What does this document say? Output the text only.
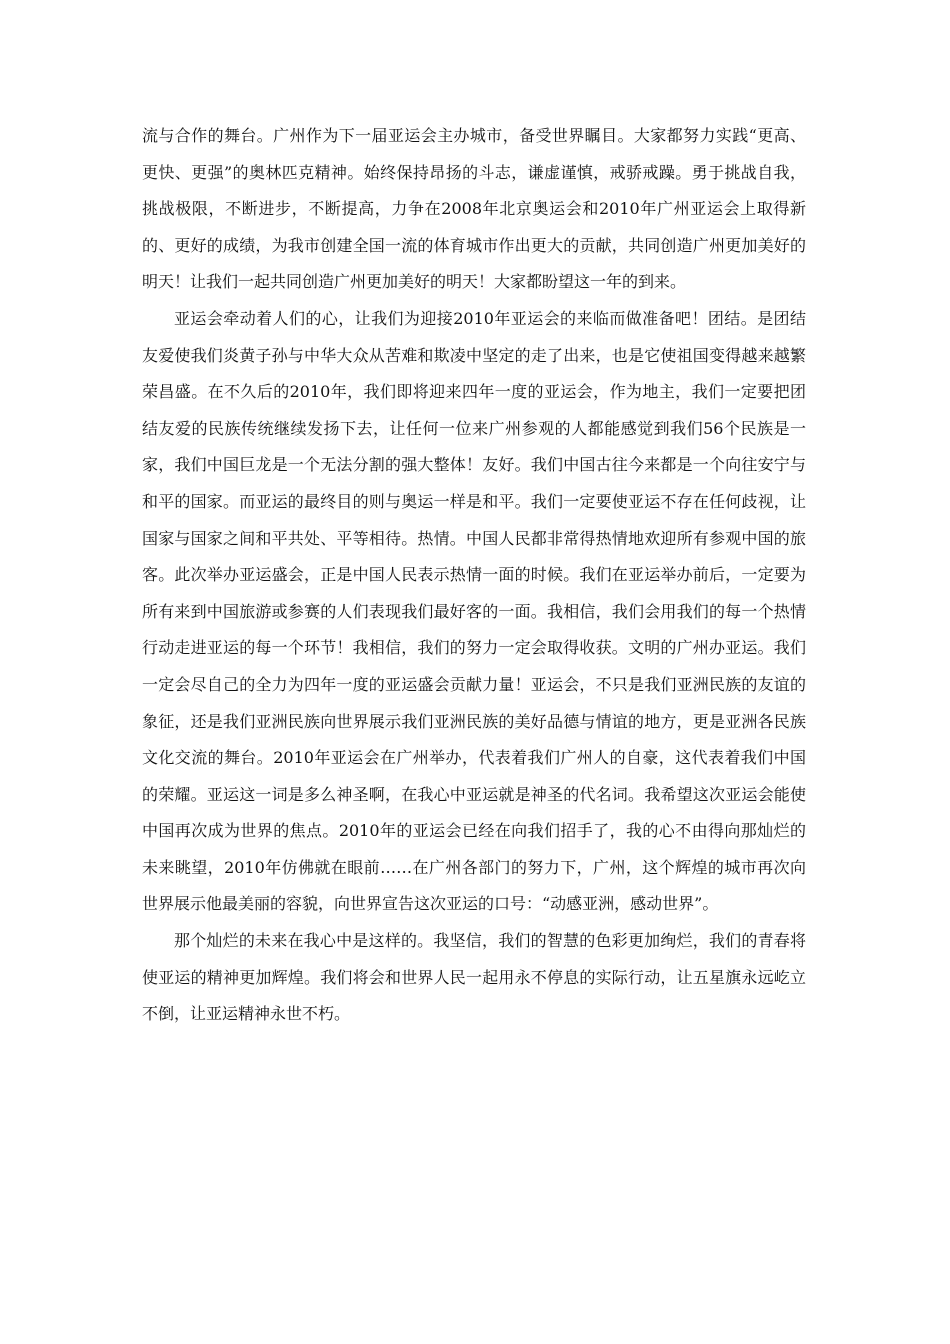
流与合作的舞台。广州作为下一届亚运会主办城市，备受世界瞩目。大家都努力实践“更高、更快、更强”的奥林匹克精神。始终保持昂扬的斗志，谦虚谨慎，戒骄戒躁。勇于挑战自我，挑战极限，不断进步，不断提高，力争在2008年北京奥运会和2010年广州亚运会上取得新的、更好的成绩，为我市创建全国一流的体育城市作出更大的贡献，共同创造广州更加美好的明天！让我们一起共同创造广州更加美好的明天！大家都盼望这一年的到来。

亚运会牵动着人们的心，让我们为迎接2010年亚运会的来临而做准备吧！团结。是团结友爱使我们炎黄子孙与中华大众从苦难和欺凌中坚定的走了出来，也是它使祖国变得越来越繁荣昌盛。在不久后的2010年，我们即将迎来四年一度的亚运会，作为地主，我们一定要把团结友爱的民族传统继续发扬下去，让任何一位来广州参观的人都能感觉到我们56个民族是一家，我们中国巨龙是一个无法分割的强大整体！友好。我们中国古往今来都是一个向往安宁与和平的国家。而亚运的最终目的则与奥运一样是和平。我们一定要使亚运不存在任何歧视，让国家与国家之间和平共处、平等相待。热情。中国人民都非常得热情地欢迎所有参观中国的旅客。此次举办亚运盛会，正是中国人民表示热情一面的时候。我们在亚运举办前后，一定要为所有来到中国旅游或参赛的人们表现我们最好客的一面。我相信，我们会用我们的每一个热情行动走进亚运的每一个环节！我相信，我们的努力一定会取得收获。文明的广州办亚运。我们一定会尽自己的全力为四年一度的亚运盛会贡献力量！亚运会，不只是我们亚洲民族的友谊的象征，还是我们亚洲民族向世界展示我们亚洲民族的美好品德与情谊的地方，更是亚洲各民族文化交流的舞台。2010年亚运会在广州举办，代表着我们广州人的自豪，这代表着我们中国的荣耀。亚运这一词是多么神圣啊，在我心中亚运就是神圣的代名词。我希望这次亚运会能使中国再次成为世界的焦点。2010年的亚运会已经在向我们招手了，我的心不由得向那灿烂的未来眺望，2010年仿佛就在眼前……在广州各部门的努力下，广州，这个辉煌的城市再次向世界展示他最美丽的容貌，向世界宣告这次亚运的口号：“动感亚洲，感动世界”。

那个灿烂的未来在我心中是这样的。我坚信，我们的智慧的色彩更加绚烂，我们的青春将使亚运的精神更加辉煌。我们将会和世界人民一起用永不停息的实际行动，让五星旗永远屹立不倒，让亚运精神永世不朽。
